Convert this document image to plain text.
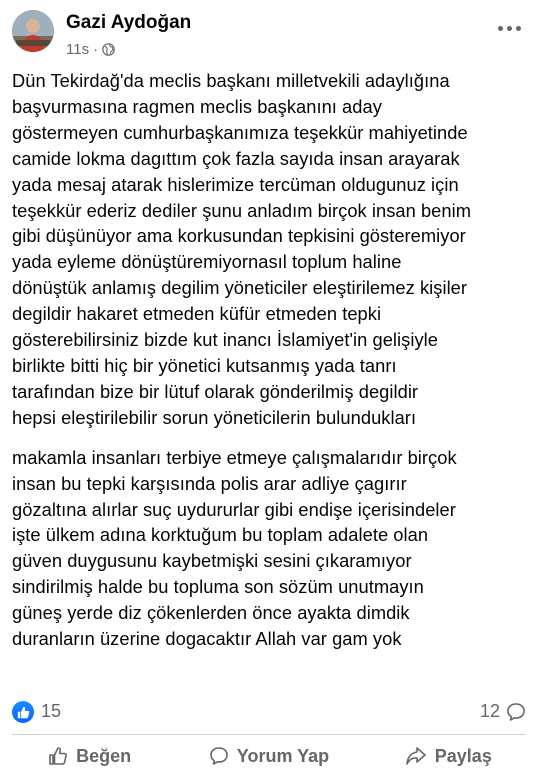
Gazi Aydoğan
11s ·

Dün Tekirdağ'da meclis başkanı milletvekili adaylığına
başvurmasına ragmen meclis başkanını aday
göstermeyen cumhurbaşkanımıza teşekkür mahiyetinde
camide lokma dagıttım çok fazla sayıda insan arayarak
yada mesaj atarak hislerimize tercüman oldugunuz için
teşekkür ederiz dediler şunu anladım birçok insan benim
gibi düşünüyor ama korkusundan tepkisini gösteremiyor
yada eyleme dönüştüremiyornasıl toplum haline
dönüştük anlamış degilim yöneticiler eleştirilemez kişiler
degildir hakaret etmeden küfür etmeden tepki
gösterebilirsiniz bizde kut inancı İslamiyet'in gelişiyle
birlikte bitti hiç bir yönetici kutsanmış yada tanrı
tarafından bize bir lütuf olarak gönderilmiş degildir
hepsi eleştirilebilir sorun yöneticilerin bulundukları

makamla insanları terbiye etmeye çalışmalarıdır birçok
insan bu tepki karşısında polis arar adliye çagırır
gözaltına alırlar suç uydururlar gibi endişe içerisindeler
işte ülkem adına korktuğum bu toplam adalete olan
güven duygusunu kaybetmişki sesini çıkaramıyor
sindirilmiş halde bu topluma son sözüm unutmayın
güneş yerde diz çökenlerden önce ayakta dimdik
duranların üzerine dogacaktır Allah var gam yok

15	12
Beğen	Yorum Yap	Paylaş
